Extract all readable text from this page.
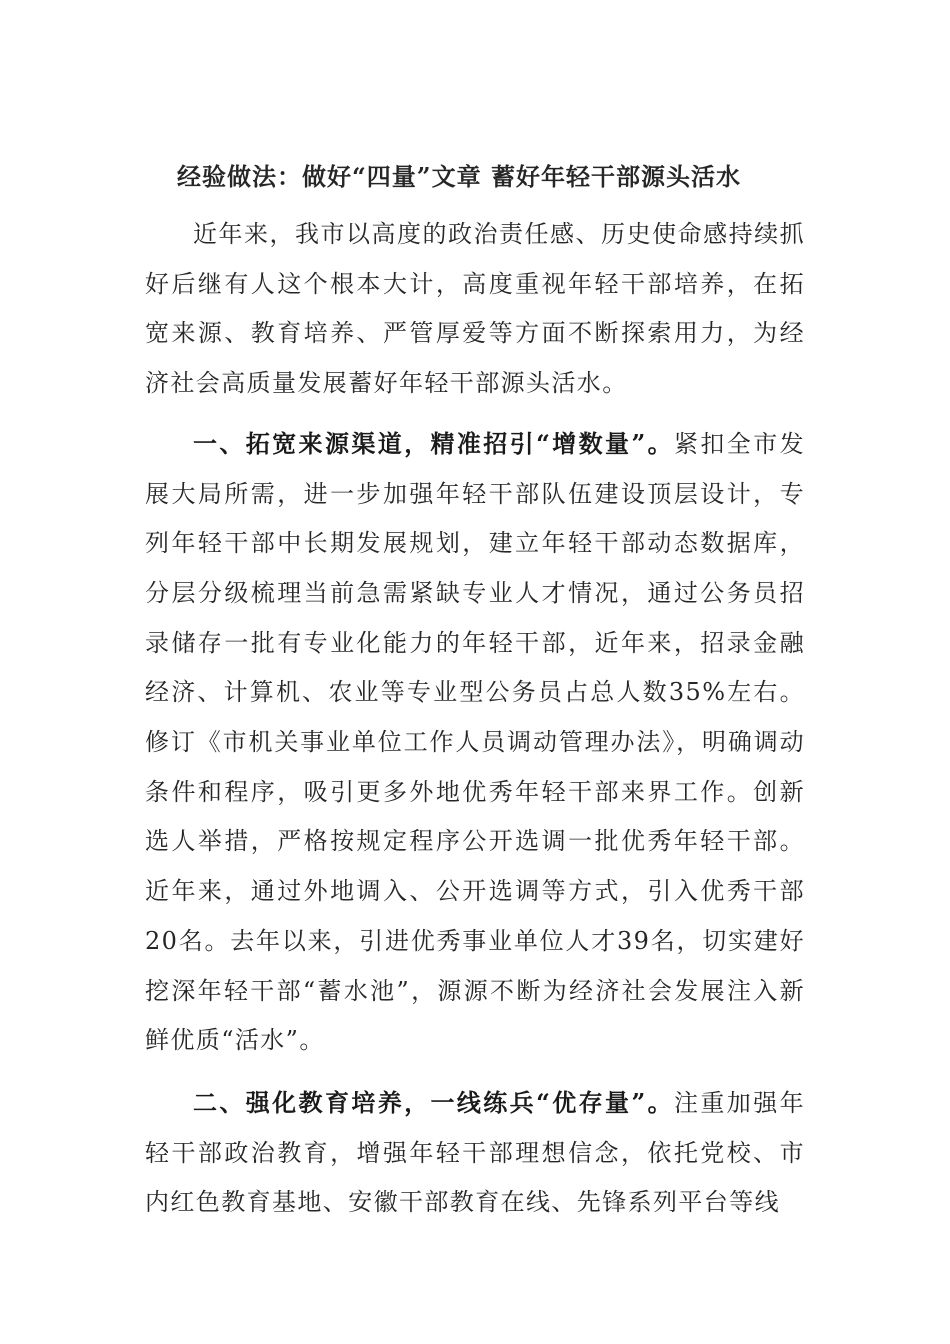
经验做法：做好“四量”文章 蓄好年轻干部源头活水

近年来，我市以高度的政治责任感、历史使命感持续抓好后继有人这个根本大计，高度重视年轻干部培养，在拓宽来源、教育培养、严管厚爱等方面不断探索用力，为经济社会高质量发展蓄好年轻干部源头活水。

一、拓宽来源渠道，精准招引“增数量”。紧扣全市发展大局所需，进一步加强年轻干部队伍建设顶层设计，专列年轻干部中长期发展规划，建立年轻干部动态数据库，分层分级梳理当前急需紧缺专业人才情况，通过公务员招录储存一批有专业化能力的年轻干部，近年来，招录金融经济、计算机、农业等专业型公务员占总人数35%左右。修订《市机关事业单位工作人员调动管理办法》，明确调动条件和程序，吸引更多外地优秀年轻干部来界工作。创新选人举措，严格按规定程序公开选调一批优秀年轻干部。近年来，通过外地调入、公开选调等方式，引入优秀干部20名。去年以来，引进优秀事业单位人才39名，切实建好挖深年轻干部“蓄水池”，源源不断为经济社会发展注入新鲜优质“活水”。

二、强化教育培养，一线练兵“优存量”。注重加强年轻干部政治教育，增强年轻干部理想信念，依托党校、市内红色教育基地、安徽干部教育在线、先锋系列平台等线
